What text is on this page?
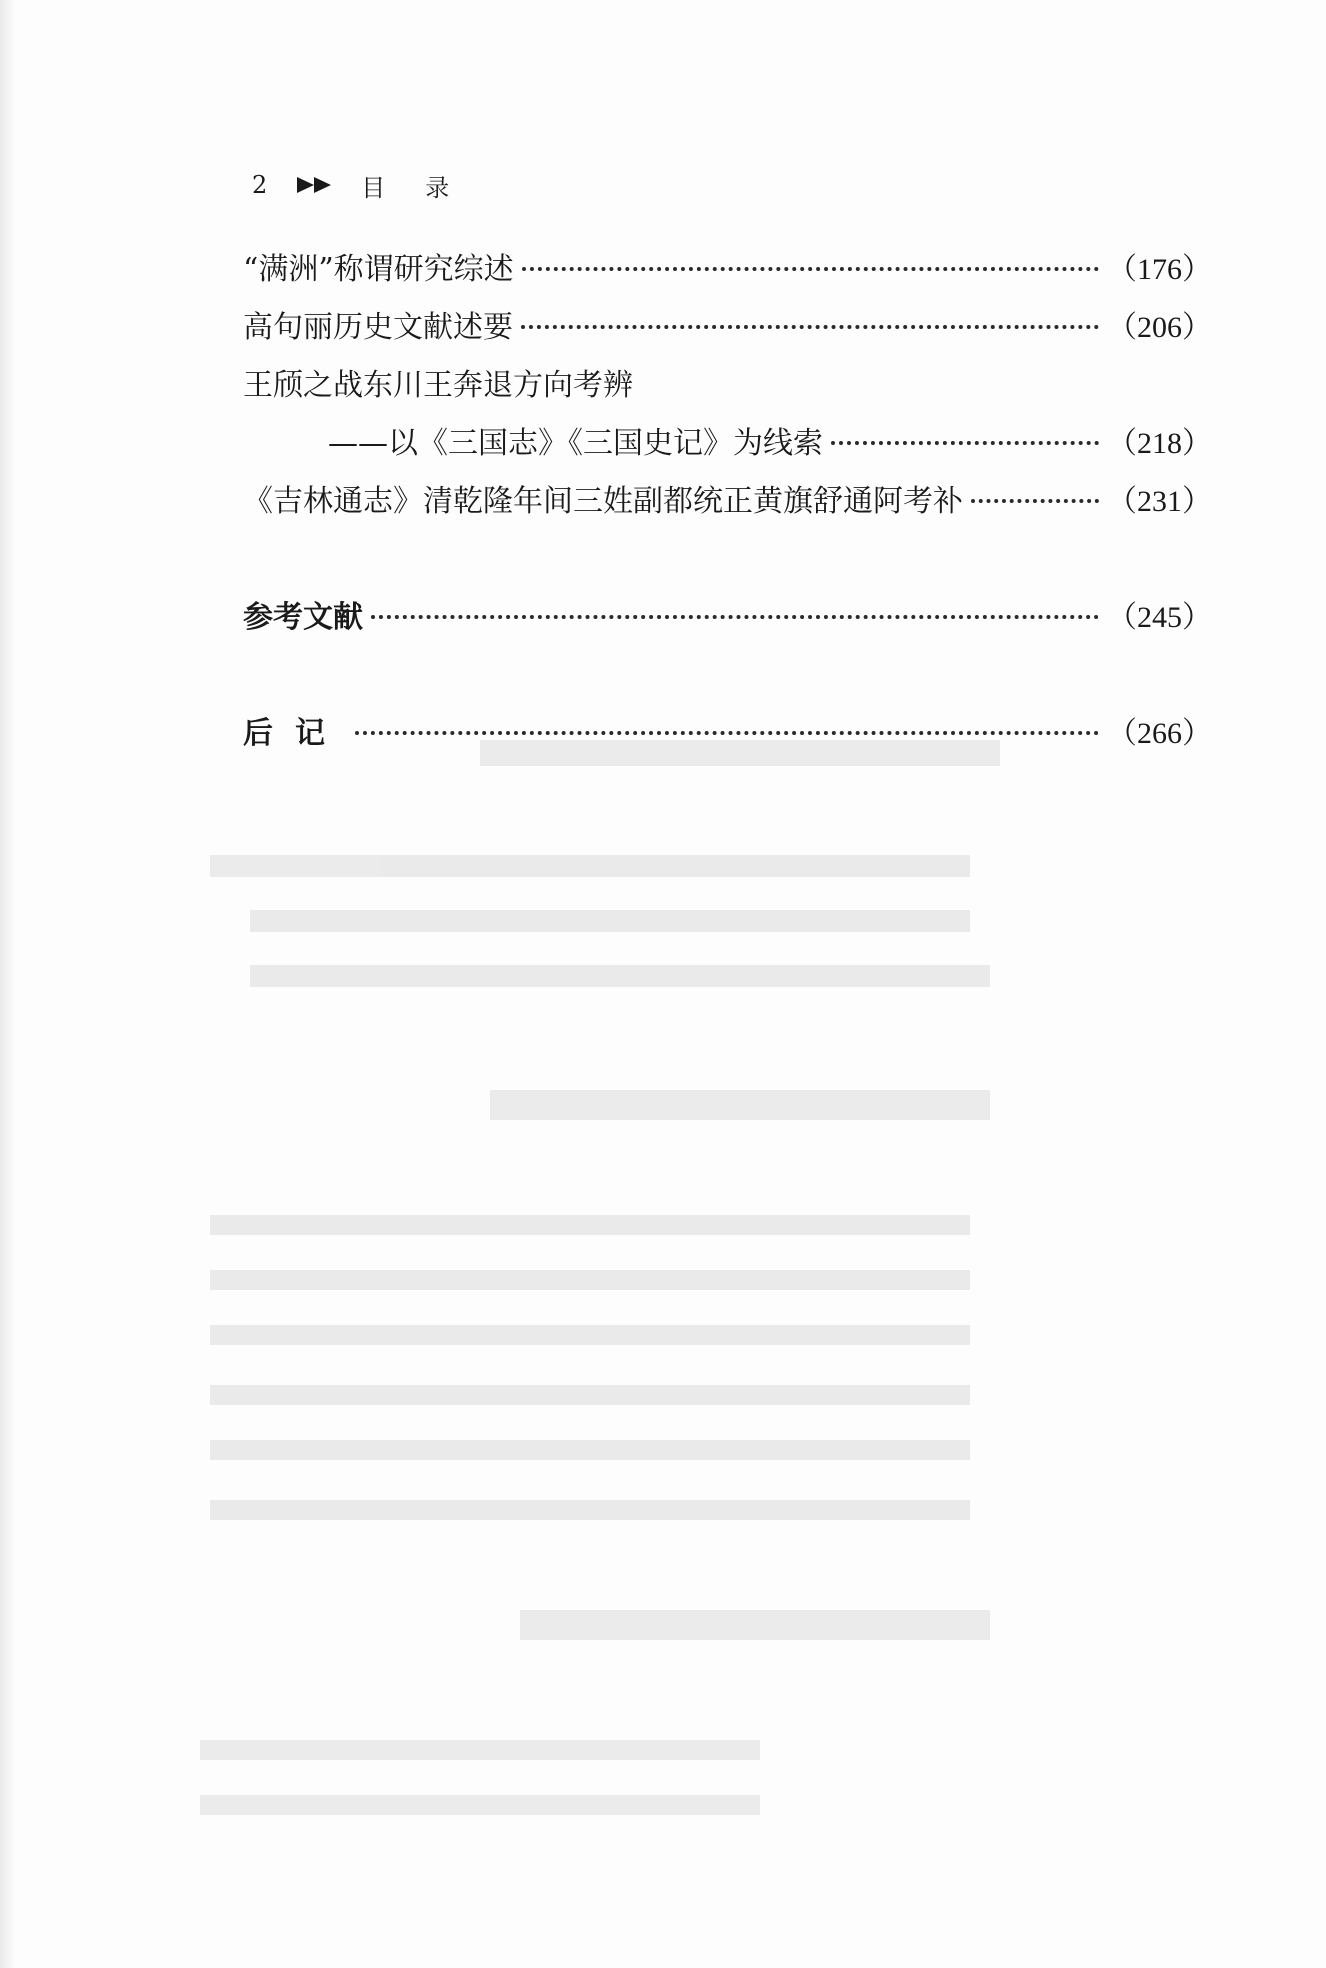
2	目录
“满洲”称谓研究综述	（176）
高句丽历史文献述要	（206）
王颀之战东川王奔退方向考辨
——以《三国志》《三国史记》为线索	（218）
《吉林通志》清乾隆年间三姓副都统正黄旗舒通阿考补	（231）
参考文献	（245）
后记	（266）
